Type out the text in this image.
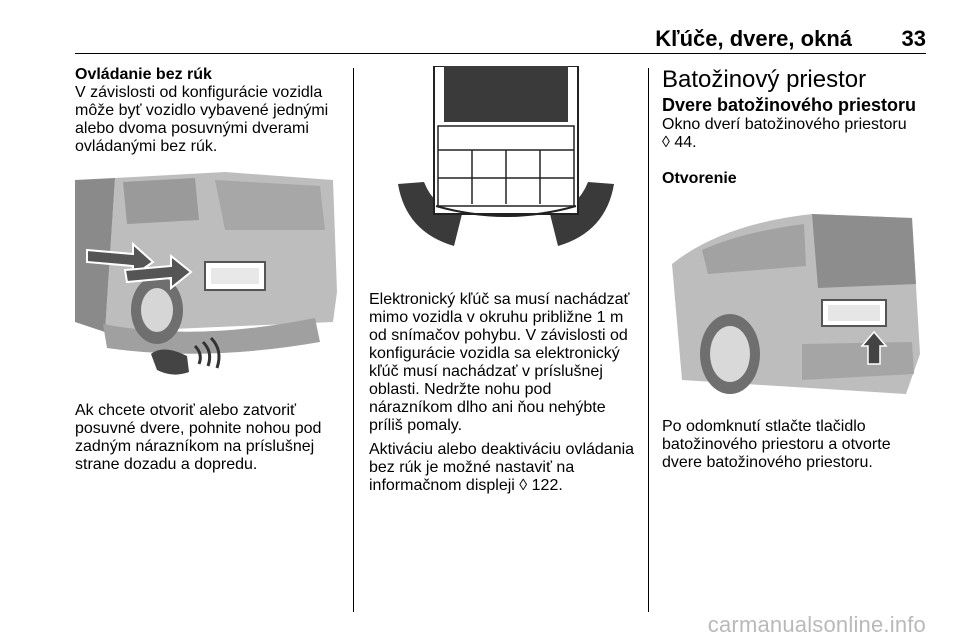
Kľúče, dvere, okná 33

Ovládanie bez rúk

V závislosti od konfigurácie vozidla môže byť vozidlo vybavené jednými alebo dvoma posuvnými dverami ovládanými bez rúk.

Ak chcete otvoriť alebo zatvoriť posuvné dvere, pohnite nohou pod zadným nárazníkom na príslušnej strane dozadu a dopredu.

Elektronický kľúč sa musí nachádzať mimo vozidla v okruhu približne 1 m od snímačov pohybu. V závislosti od konfigurácie vozidla sa elektronický kľúč musí nachádzať v príslušnej oblasti. Nedržte nohu pod nárazníkom dlho ani ňou nehýbte príliš pomaly.

Aktiváciu alebo deaktiváciu ovládania bez rúk je možné nastaviť na informačnom displeji ◊ 122.

Batožinový priestor

Dvere batožinového priestoru

Okno dverí batožinového priestoru
◊ 44.

Otvorenie

Po odomknutí stlačte tlačidlo batožinového priestoru a otvorte dvere batožinového priestoru.

carmanualsonline.info
